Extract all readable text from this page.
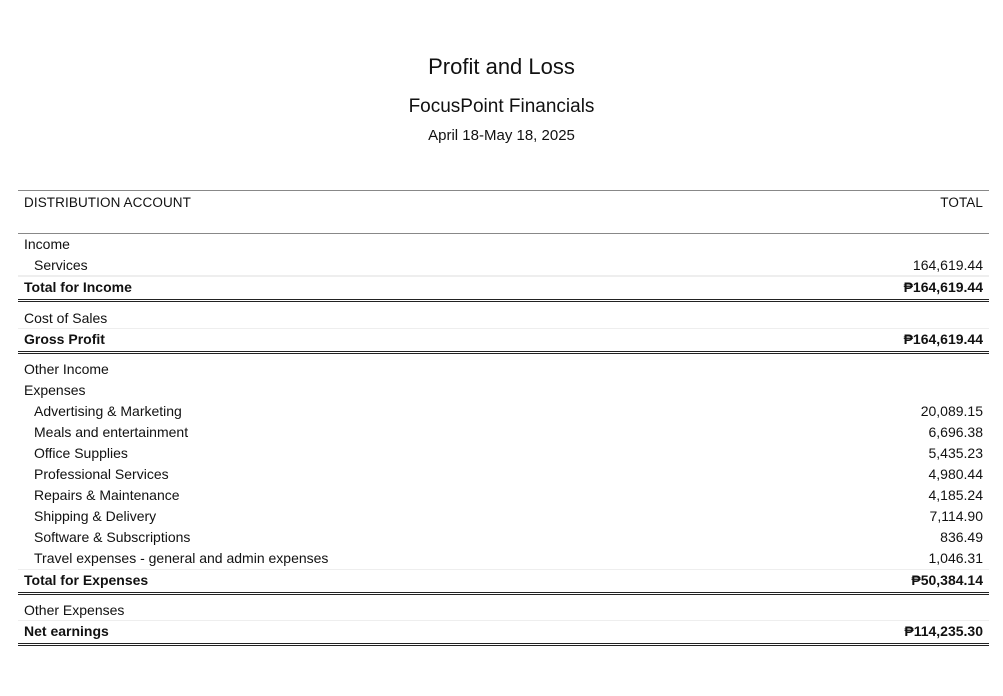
Profit and Loss
FocusPoint Financials
April 18-May 18, 2025
DISTRIBUTION ACCOUNT	TOTAL
Income
Services	164,619.44
Total for Income	₱164,619.44
Cost of Sales
Gross Profit	₱164,619.44
Other Income
Expenses
Advertising & Marketing	20,089.15
Meals and entertainment	6,696.38
Office Supplies	5,435.23
Professional Services	4,980.44
Repairs & Maintenance	4,185.24
Shipping & Delivery	7,114.90
Software & Subscriptions	836.49
Travel expenses - general and admin expenses	1,046.31
Total for Expenses	₱50,384.14
Other Expenses
Net earnings	₱114,235.30
